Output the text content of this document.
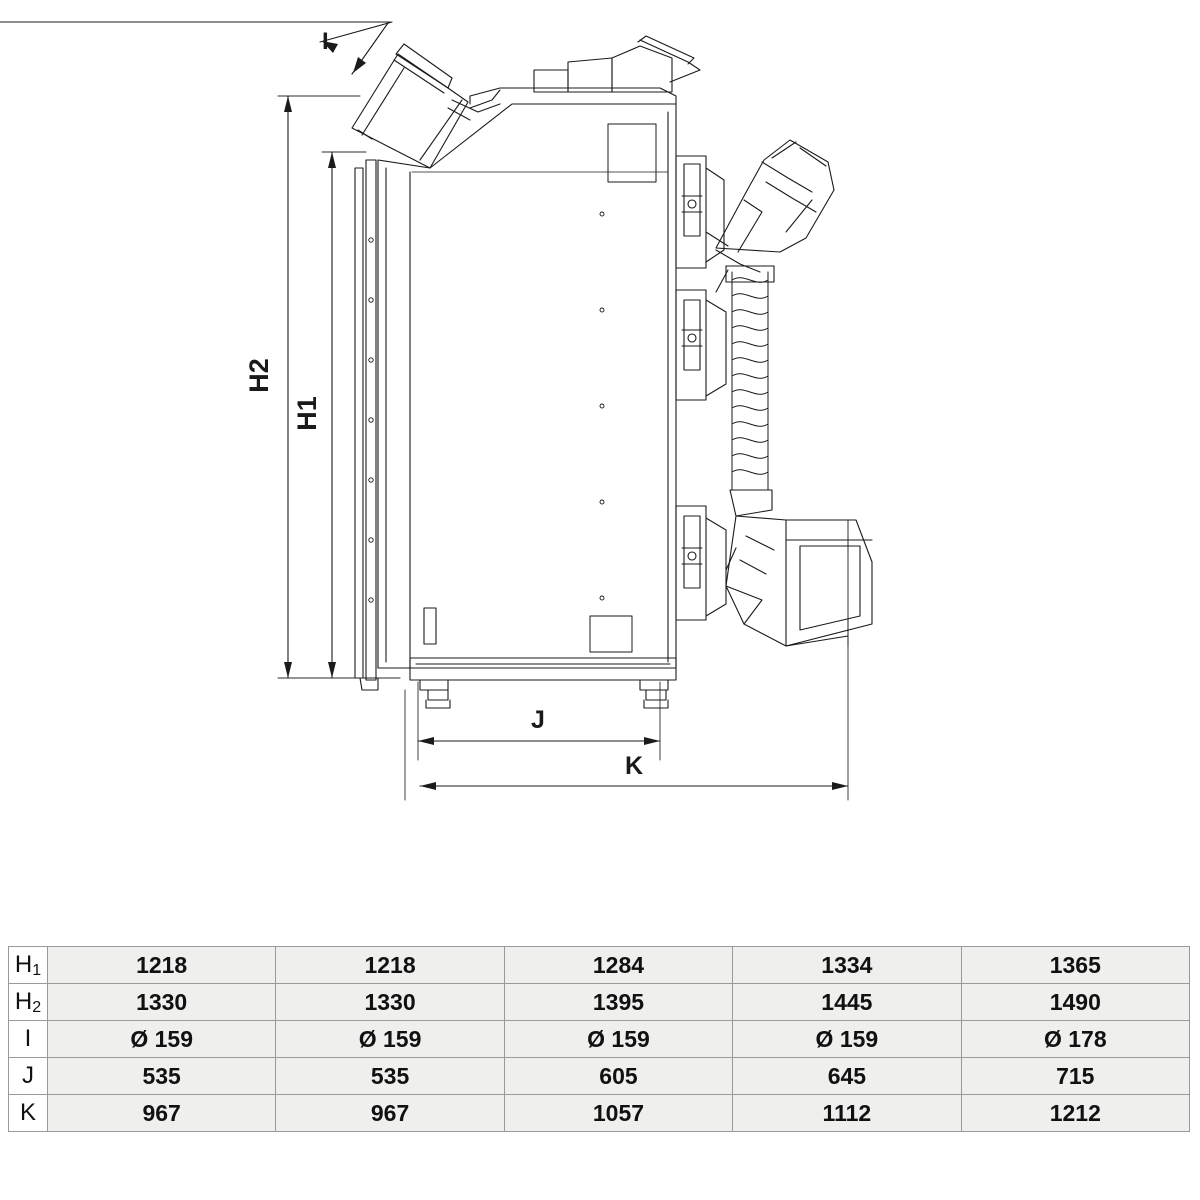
H2
H1
I
J
K
H1	1218	1218	1284	1334	1365
H2	1330	1330	1395	1445	1490
I	Ø 159	Ø 159	Ø 159	Ø 159	Ø 178
J	535	535	605	645	715
K	967	967	1057	1112	1212
